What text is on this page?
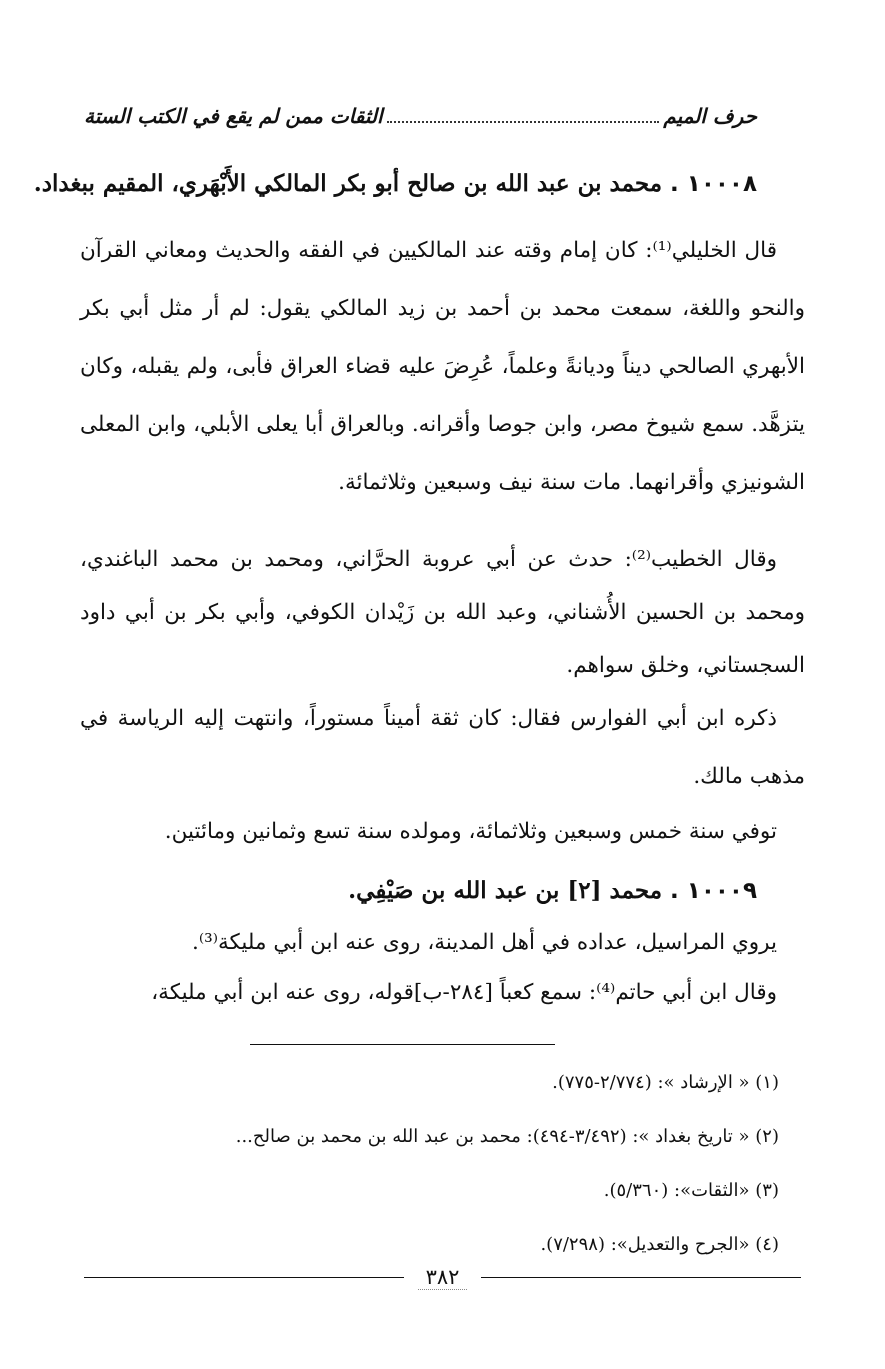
حرف الميم
الثقات ممن لم يقع في الكتب الستة
١٠٠٠٨ .محمد بن عبد الله بن صالح أبو بكر المالكي الأَبْهَري، المقيم ببغداد.

قال الخليلي⁽¹⁾: كان إمام وقته عند المالكيين في الفقه والحديث ومعاني القرآن والنحو واللغة، سمعت محمد بن أحمد بن زيد المالكي يقول: لم أر مثل أبي بكر الأبهري الصالحي ديناً وديانةً وعلماً، عُرِضَ عليه قضاء العراق فأبى، ولم يقبله، وكان يتزهَّد. سمع شيوخ مصر، وابن جوصا وأقرانه. وبالعراق أبا يعلى الأبلي، وابن المعلى الشونيزي وأقرانهما. مات سنة نيف وسبعين وثلاثمائة.

وقال الخطيب⁽²⁾: حدث عن أبي عروبة الحرَّاني، ومحمد بن محمد الباغندي، ومحمد بن الحسين الأُشناني، وعبد الله بن زَيْدان الكوفي، وأبي بكر بن أبي داود السجستاني، وخلق سواهم.

ذكره ابن أبي الفوارس فقال: كان ثقة أميناً مستوراً، وانتهت إليه الرياسة في مذهب مالك.

توفي سنة خمس وسبعين وثلاثمائة، ومولده سنة تسع وثمانين ومائتين.

١٠٠٠٩ .محمد [٢] بن عبد الله بن صَيْفِي.

يروي المراسيل، عداده في أهل المدينة، روى عنه ابن أبي مليكة⁽³⁾.

وقال ابن أبي حاتم⁽⁴⁾: سمع كعباً [٢٨٤-ب]قوله، روى عنه ابن أبي مليكة،

(١) « الإرشاد »: (٢/٧٧٤-٧٧٥).
(٢) « تاريخ بغداد »: (٣/٤٩٢-٤٩٤): محمد بن عبد الله بن محمد بن صالح...
(٣) «الثقات»: (٥/٣٦٠).
(٤) «الجرح والتعديل»: (٧/٢٩٨).
٣٨٢
